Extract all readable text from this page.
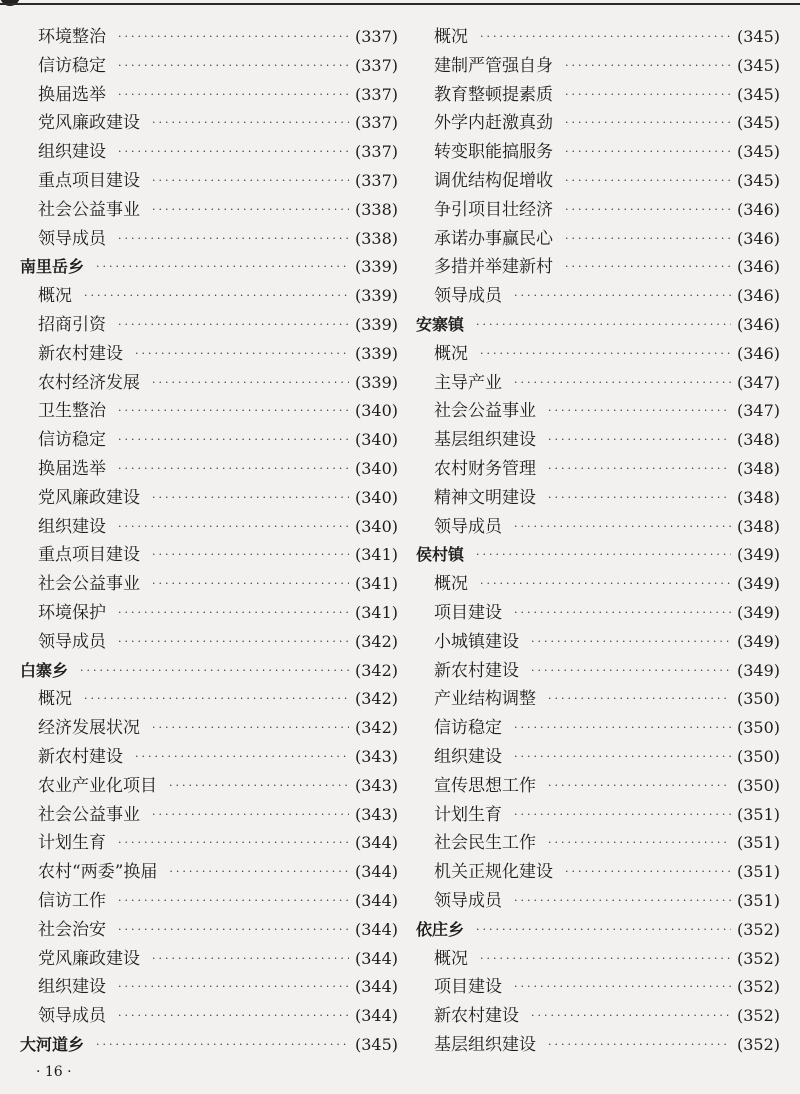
环境整治 ·····	(337)
信访稳定 ·····	(337)
换届选举 ·····	(337)
党风廉政建设 ·····	(337)
组织建设 ·····	(337)
重点项目建设 ·····	(337)
社会公益事业 ·····	(338)
领导成员 ·····	(338)
南里岳乡 ·····	(339)
概况 ·····	(339)
招商引资 ·····	(339)
新农村建设 ·····	(339)
农村经济发展 ·····	(339)
卫生整治 ·····	(340)
信访稳定 ·····	(340)
换届选举 ·····	(340)
党风廉政建设 ·····	(340)
组织建设 ·····	(340)
重点项目建设 ·····	(341)
社会公益事业 ·····	(341)
环境保护 ·····	(341)
领导成员 ·····	(342)
白寨乡 ·····	(342)
概况 ·····	(342)
经济发展状况 ·····	(342)
新农村建设 ·····	(343)
农业产业化项目 ·····	(343)
社会公益事业 ·····	(343)
计划生育 ·····	(344)
农村“两委”换届 ·····	(344)
信访工作 ·····	(344)
社会治安 ·····	(344)
党风廉政建设 ·····	(344)
组织建设 ·····	(344)
领导成员 ·····	(344)
大河道乡 ·····	(345)
概况 ·····	(345)
建制严管强自身 ·····	(345)
教育整顿提素质 ·····	(345)
外学内赶激真劲 ·····	(345)
转变职能搞服务 ·····	(345)
调优结构促增收 ·····	(345)
争引项目壮经济 ·····	(346)
承诺办事赢民心 ·····	(346)
多措并举建新村 ·····	(346)
领导成员 ·····	(346)
安寨镇 ·····	(346)
概况 ·····	(346)
主导产业 ·····	(347)
社会公益事业 ·····	(347)
基层组织建设 ·····	(348)
农村财务管理 ·····	(348)
精神文明建设 ·····	(348)
领导成员 ·····	(348)
侯村镇 ·····	(349)
概况 ·····	(349)
项目建设 ·····	(349)
小城镇建设 ·····	(349)
新农村建设 ·····	(349)
产业结构调整 ·····	(350)
信访稳定 ·····	(350)
组织建设 ·····	(350)
宣传思想工作 ·····	(350)
计划生育 ·····	(351)
社会民生工作 ·····	(351)
机关正规化建设 ·····	(351)
领导成员 ·····	(351)
依庄乡 ·····	(352)
概况 ·····	(352)
项目建设 ·····	(352)
新农村建设 ·····	(352)
基层组织建设 ·····	(352)
· 16 ·
